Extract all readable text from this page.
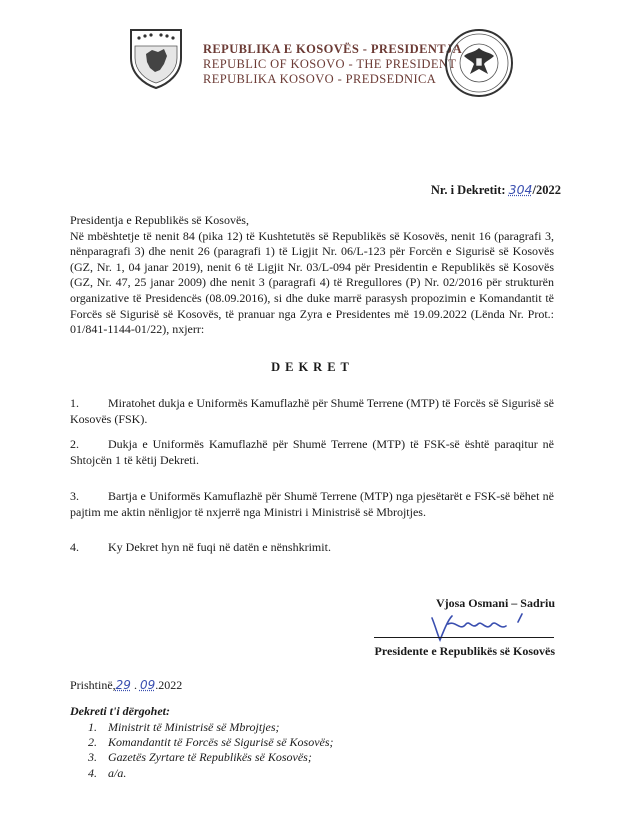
REPUBLIKA E KOSOVËS - PRESIDENTJA
REPUBLIC OF KOSOVO - THE PRESIDENT
REPUBLIKA KOSOVO - PREDSEDNICA
Nr. i Dekretit: 304/2022
Presidentja e Republikës së Kosovës,
Në mbështetje të nenit 84 (pika 12) të Kushtetutës së Republikës së Kosovës, nenit 16 (paragrafi 3, nënparagrafi 3) dhe nenit 26 (paragrafi 1) të Ligjit Nr. 06/L-123 për Forcën e Sigurisë së Kosovës (GZ, Nr. 1, 04 janar 2019), nenit 6 të Ligjit Nr. 03/L-094 për Presidentin e Republikës së Kosovës (GZ, Nr. 47, 25 janar 2009) dhe nenit 3 (paragrafi 4) të Rregullores (P) Nr. 02/2016 për strukturën organizative të Presidencës (08.09.2016), si dhe duke marrë parasysh propozimin e Komandantit të Forcës së Sigurisë së Kosovës, të pranuar nga Zyra e Presidentes më 19.09.2022 (Lënda Nr. Prot.: 01/841-1144-01/22), nxjerr:
DEKRET
1. Miratohet dukja e Uniformës Kamuflazhë për Shumë Terrene (MTP) të Forcës së Sigurisë së Kosovës (FSK).
2. Dukja e Uniformës Kamuflazhë për Shumë Terrene (MTP) të FSK-së është paraqitur në Shtojcën 1 të këtij Dekreti.
3. Bartja e Uniformës Kamuflazhë për Shumë Terrene (MTP) nga pjesëtarët e FSK-së bëhet në pajtim me aktin nënligjor të nxjerrë nga Ministri i Ministrisë së Mbrojtjes.
4. Ky Dekret hyn në fuqi në datën e nënshkrimit.
Vjosa Osmani – Sadriu
Presidente e Republikës së Kosovës
Prishtinë,29 . 09.2022
Dekreti t'i dërgohet:
1. Ministrit të Ministrisë së Mbrojtjes;
2. Komandantit të Forcës së Sigurisë së Kosovës;
3. Gazetës Zyrtare të Republikës së Kosovës;
4. a/a.
